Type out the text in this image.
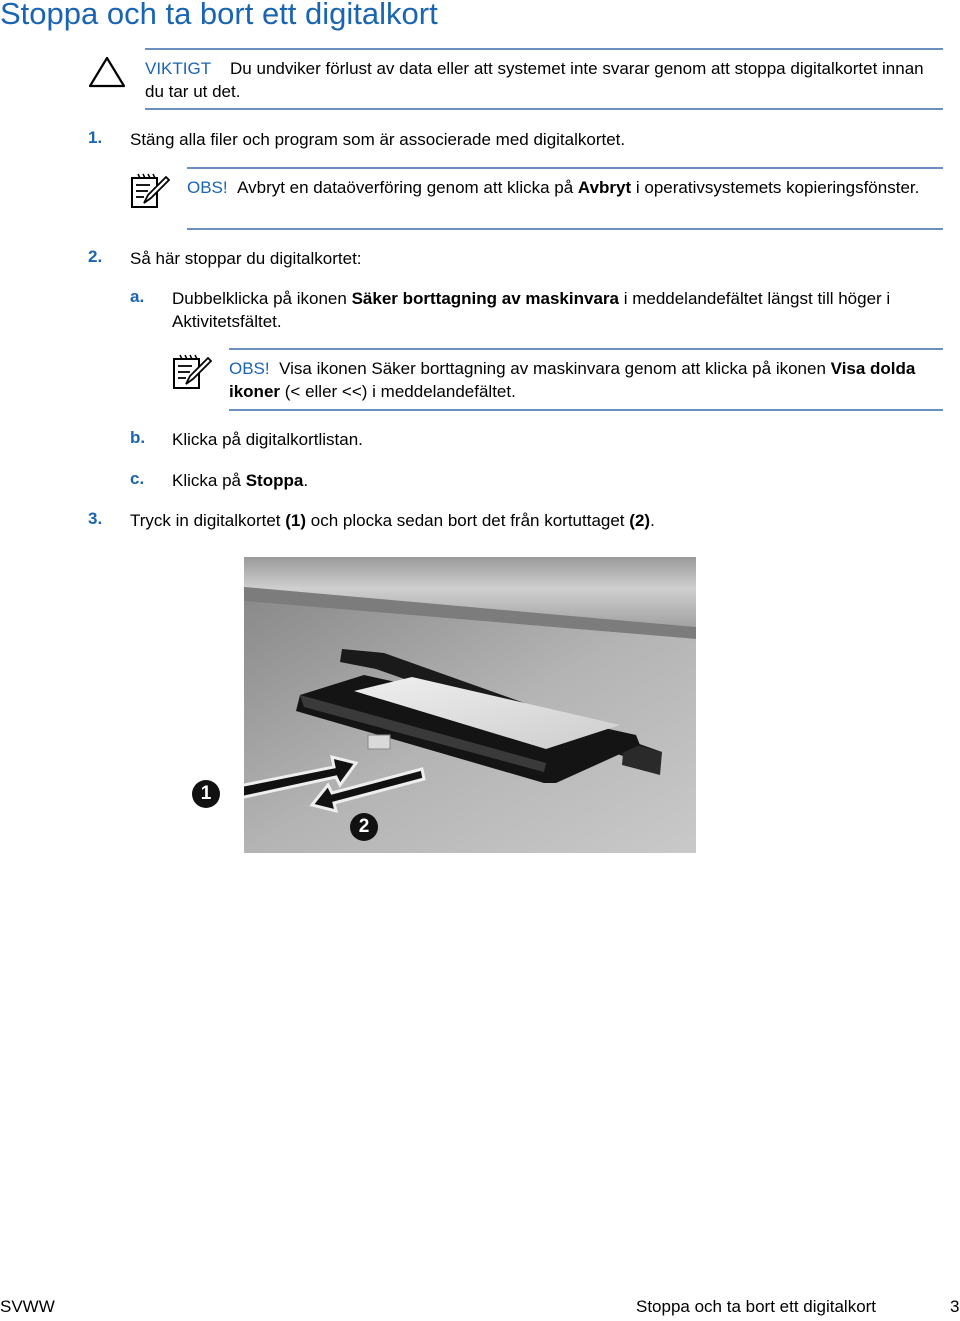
Stoppa och ta bort ett digitalkort
VIKTIGT Du undviker förlust av data eller att systemet inte svarar genom att stoppa digitalkortet innan du tar ut det.
1. Stäng alla filer och program som är associerade med digitalkortet.
OBS! Avbryt en dataöverföring genom att klicka på Avbryt i operativsystemets kopieringsfönster.
2. Så här stoppar du digitalkortet:
a. Dubbelklicka på ikonen Säker borttagning av maskinvara i meddelandefältet längst till höger i Aktivitetsfältet.
OBS! Visa ikonen Säker borttagning av maskinvara genom att klicka på ikonen Visa dolda ikoner (< eller <<) i meddelandefältet.
b. Klicka på digitalkortlistan.
c. Klicka på Stoppa.
3. Tryck in digitalkortet (1) och plocka sedan bort det från kortuttaget (2).
2
1
SVWW	Stoppa och ta bort ett digitalkort	3
